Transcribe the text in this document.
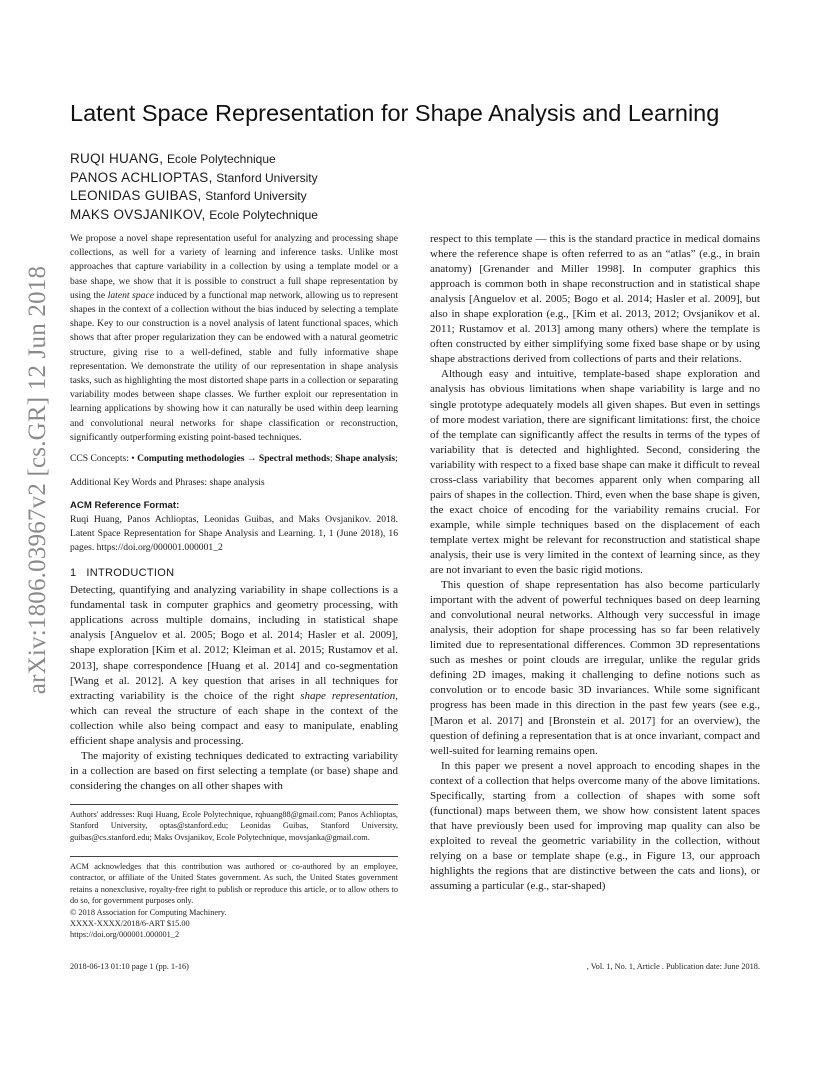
arXiv:1806.03967v2 [cs.GR] 12 Jun 2018
Latent Space Representation for Shape Analysis and Learning
RUQI HUANG, Ecole Polytechnique
PANOS ACHLIOPTAS, Stanford University
LEONIDAS GUIBAS, Stanford University
MAKS OVSJANIKOV, Ecole Polytechnique

We propose a novel shape representation useful for analyzing and processing shape collections, as well for a variety of learning and inference tasks. Unlike most approaches that capture variability in a collection by using a template model or a base shape, we show that it is possible to construct a full shape representation by using the latent space induced by a functional map network, allowing us to represent shapes in the context of a collection without the bias induced by selecting a template shape. Key to our construction is a novel analysis of latent functional spaces, which shows that after proper regularization they can be endowed with a natural geometric structure, giving rise to a well-defined, stable and fully informative shape representation. We demonstrate the utility of our representation in shape analysis tasks, such as highlighting the most distorted shape parts in a collection or separating variability modes between shape classes. We further exploit our representation in learning applications by showing how it can naturally be used within deep learning and convolutional neural networks for shape classification or reconstruction, significantly outperforming existing point-based techniques.

CCS Concepts: • Computing methodologies → Spectral methods; Shape analysis;
Additional Key Words and Phrases: shape analysis
ACM Reference Format:

Ruqi Huang, Panos Achlioptas, Leonidas Guibas, and Maks Ovsjanikov. 2018. Latent Space Representation for Shape Analysis and Learning. 1, 1 (June 2018), 16 pages. https://doi.org/000001.000001_2

1 INTRODUCTION

Detecting, quantifying and analyzing variability in shape collections is a fundamental task in computer graphics and geometry processing, with applications across multiple domains, including in statistical shape analysis [Anguelov et al. 2005; Bogo et al. 2014; Hasler et al. 2009], shape exploration [Kim et al. 2012; Kleiman et al. 2015; Rustamov et al. 2013], shape correspondence [Huang et al. 2014] and co-segmentation [Wang et al. 2012]. A key question that arises in all techniques for extracting variability is the choice of the right shape representation, which can reveal the structure of each shape in the context of the collection while also being compact and easy to manipulate, enabling efficient shape analysis and processing.

The majority of existing techniques dedicated to extracting variability in a collection are based on first selecting a template (or base) shape and considering the changes on all other shapes with

Authors' addresses: Ruqi Huang, Ecole Polytechnique, rqhuang88@gmail.com; Panos Achlioptas, Stanford University, optas@stanford.edu; Leonidas Guibas, Stanford University, guibas@cs.stanford.edu; Maks Ovsjanikov, Ecole Polytechnique, movsjanka@gmail.com.
ACM acknowledges that this contribution was authored or co-authored by an employee, contractor, or affiliate of the United States government. As such, the United States government retains a nonexclusive, royalty-free right to publish or reproduce this article, or to allow others to do so, for government purposes only.
© 2018 Association for Computing Machinery.
XXXX-XXXX/2018/6-ART $15.00
https://doi.org/000001.000001_2

respect to this template — this is the standard practice in medical domains where the reference shape is often referred to as an “atlas” (e.g., in brain anatomy) [Grenander and Miller 1998]. In computer graphics this approach is common both in shape reconstruction and in statistical shape analysis [Anguelov et al. 2005; Bogo et al. 2014; Hasler et al. 2009], but also in shape exploration (e.g., [Kim et al. 2013, 2012; Ovsjanikov et al. 2011; Rustamov et al. 2013] among many others) where the template is often constructed by either simplifying some fixed base shape or by using shape abstractions derived from collections of parts and their relations.

Although easy and intuitive, template-based shape exploration and analysis has obvious limitations when shape variability is large and no single prototype adequately models all given shapes. But even in settings of more modest variation, there are significant limitations: first, the choice of the template can significantly affect the results in terms of the types of variability that is detected and highlighted. Second, considering the variability with respect to a fixed base shape can make it difficult to reveal cross-class variability that becomes apparent only when comparing all pairs of shapes in the collection. Third, even when the base shape is given, the exact choice of encoding for the variability remains crucial. For example, while simple techniques based on the displacement of each template vertex might be relevant for reconstruction and statistical shape analysis, their use is very limited in the context of learning since, as they are not invariant to even the basic rigid motions.

This question of shape representation has also become particularly important with the advent of powerful techniques based on deep learning and convolutional neural networks. Although very successful in image analysis, their adoption for shape processing has so far been relatively limited due to representational differences. Common 3D representations such as meshes or point clouds are irregular, unlike the regular grids defining 2D images, making it challenging to define notions such as convolution or to encode basic 3D invariances. While some significant progress has been made in this direction in the past few years (see e.g., [Maron et al. 2017] and [Bronstein et al. 2017] for an overview), the question of defining a representation that is at once invariant, compact and well-suited for learning remains open.

In this paper we present a novel approach to encoding shapes in the context of a collection that helps overcome many of the above limitations. Specifically, starting from a collection of shapes with some soft (functional) maps between them, we show how consistent latent spaces that have previously been used for improving map quality can also be exploited to reveal the geometric variability in the collection, without relying on a base or template shape (e.g., in Figure 13, our approach highlights the regions that are distinctive between the cats and lions), or assuming a particular (e.g., star-shaped)

2018-06-13 01:10 page 1 (pp. 1-16)	, Vol. 1, No. 1, Article . Publication date: June 2018.
